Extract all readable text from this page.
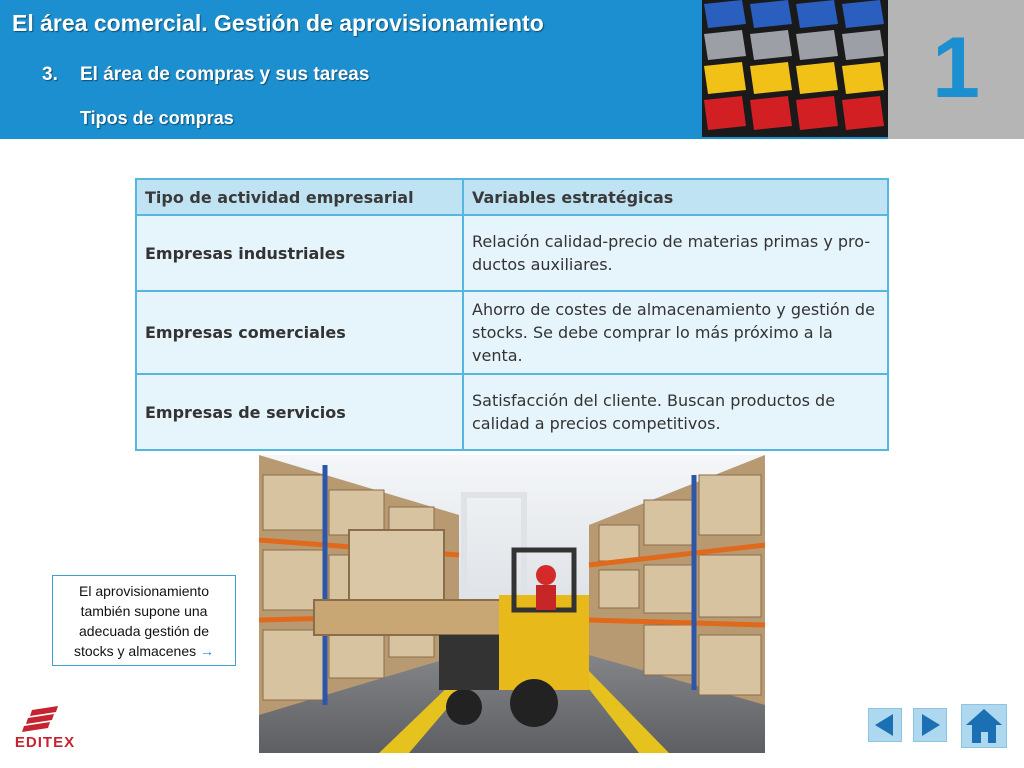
El área comercial. Gestión de aprovisionamiento
3. El área de compras y sus tareas
Tipos de compras
1
Tipo de actividad empresarial	Variables estratégicas
Empresas industriales	Relación calidad-precio de materias primas y pro-ductos auxiliares.
Empresas comerciales	Ahorro de costes de almacenamiento y gestión de stocks. Se debe comprar lo más próximo a la venta.
Empresas de servicios	Satisfacción del cliente. Buscan productos de calidad a precios competitivos.
El aprovisionamiento también supone una adecuada gestión de stocks y almacenes →
EDITEX
